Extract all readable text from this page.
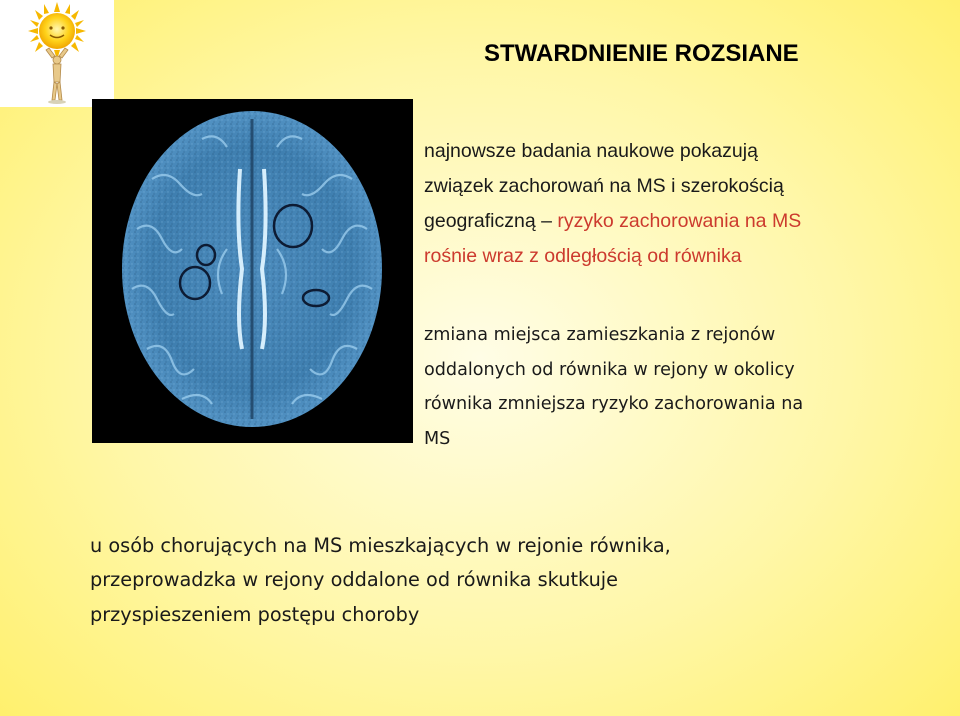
STWARDNIENIE ROZSIANE
najnowsze badania naukowe pokazują
związek zachorowań na MS i szerokością
geograficzną – ryzyko zachorowania na MS
rośnie wraz z odległością od równika
zmiana miejsca zamieszkania z rejonów
oddalonych od równika w rejony w okolicy
równika zmniejsza ryzyko zachorowania na
MS
u osób chorujących na MS mieszkających w rejonie równika,
przeprowadzka w rejony oddalone od równika skutkuje
przyspieszeniem postępu choroby
